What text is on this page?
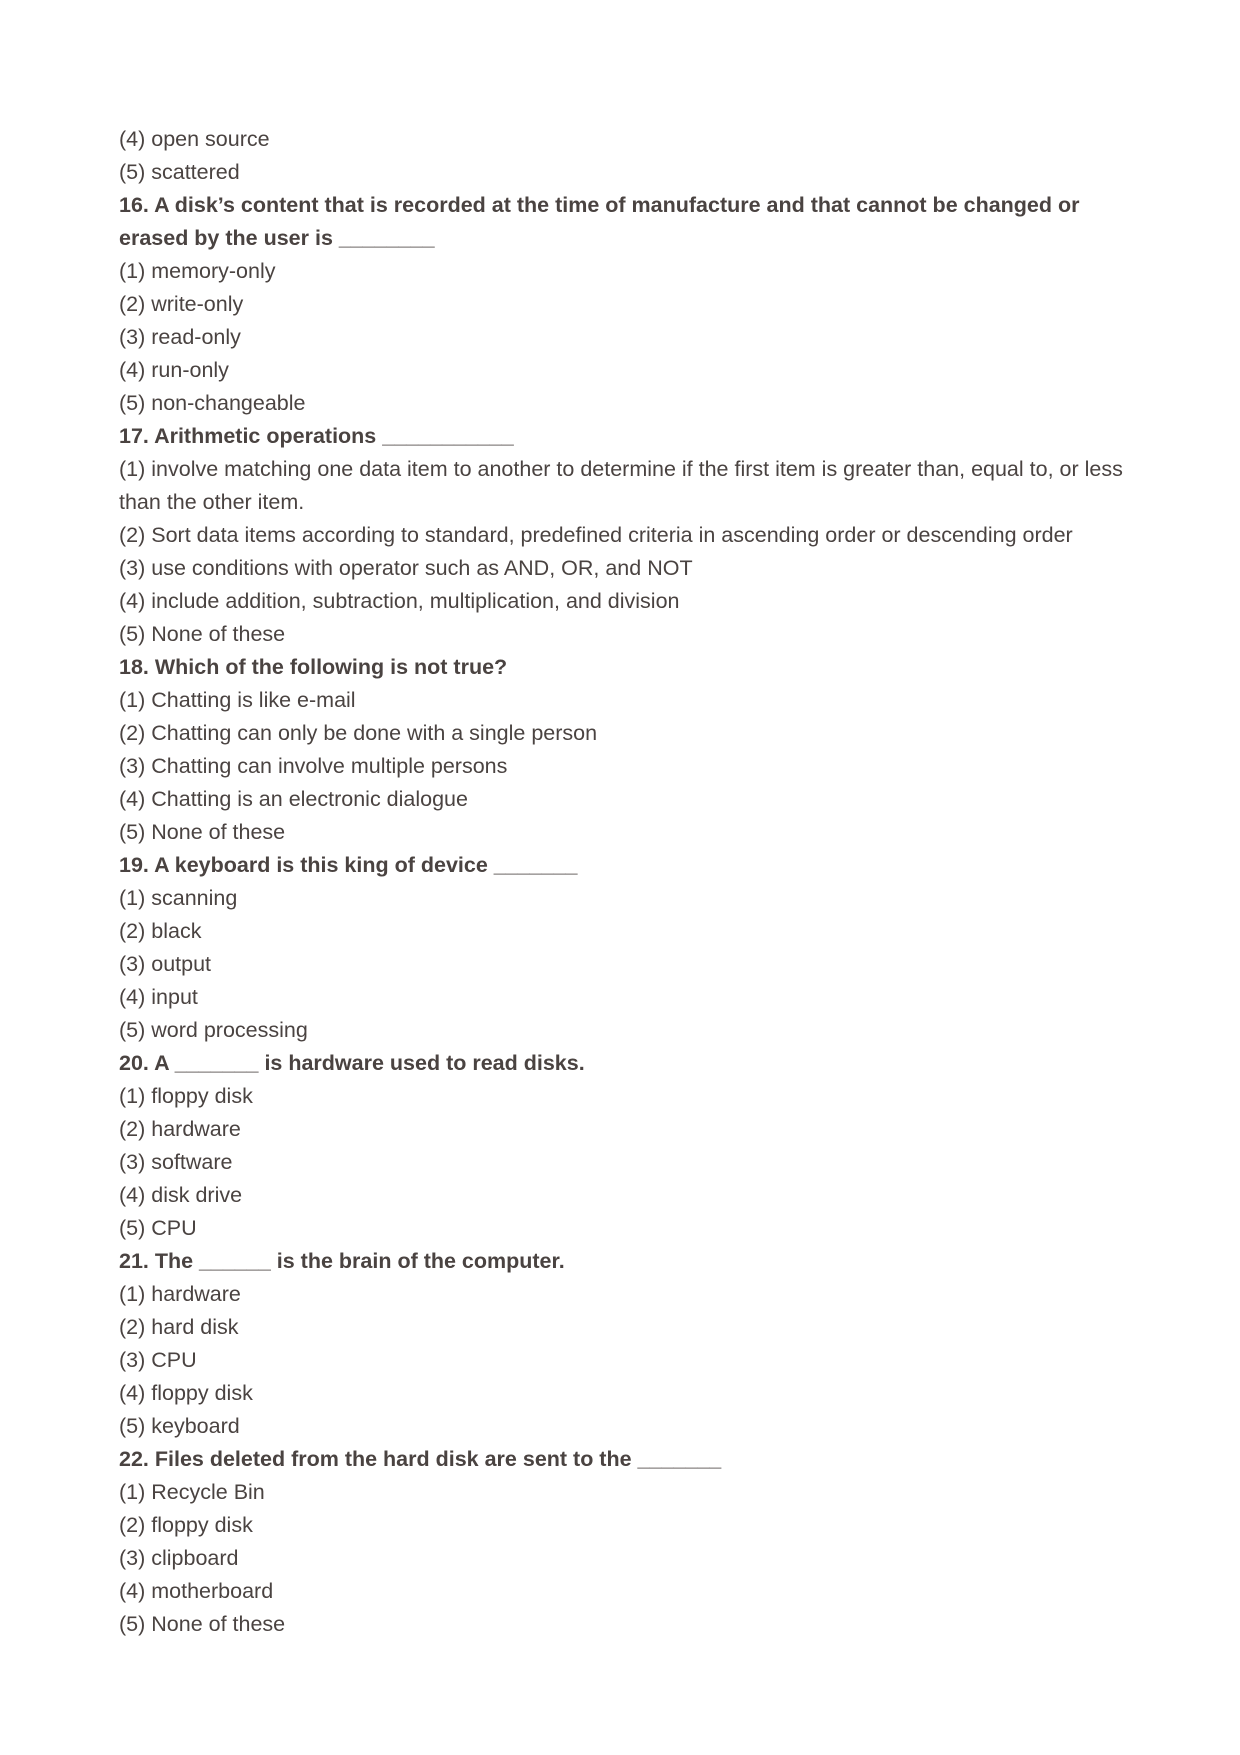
(4) open source

(5) scattered

16. A disk’s content that is recorded at the time of manufacture and that cannot be changed or erased by the user is ________

(1) memory-only

(2) write-only

(3) read-only

(4) run-only

(5) non-changeable

17. Arithmetic operations ___________

(1) involve matching one data item to another to determine if the first item is greater than, equal to, or less than the other item.

(2) Sort data items according to standard, predefined criteria in ascending order or descending order

(3) use conditions with operator such as AND, OR, and NOT

(4) include addition, subtraction, multiplication, and division

(5) None of these

18. Which of the following is not true?

(1) Chatting is like e-mail

(2) Chatting can only be done with a single person

(3) Chatting can involve multiple persons

(4) Chatting is an electronic dialogue

(5) None of these

19. A keyboard is this king of device _______

(1) scanning

(2) black

(3) output

(4) input

(5) word processing

20. A _______ is hardware used to read disks.

(1) floppy disk

(2) hardware

(3) software

(4) disk drive

(5) CPU

21. The ______ is the brain of the computer.

(1) hardware

(2) hard disk

(3) CPU

(4) floppy disk

(5) keyboard

22. Files deleted from the hard disk are sent to the _______

(1) Recycle Bin

(2) floppy disk

(3) clipboard

(4) motherboard

(5) None of these
